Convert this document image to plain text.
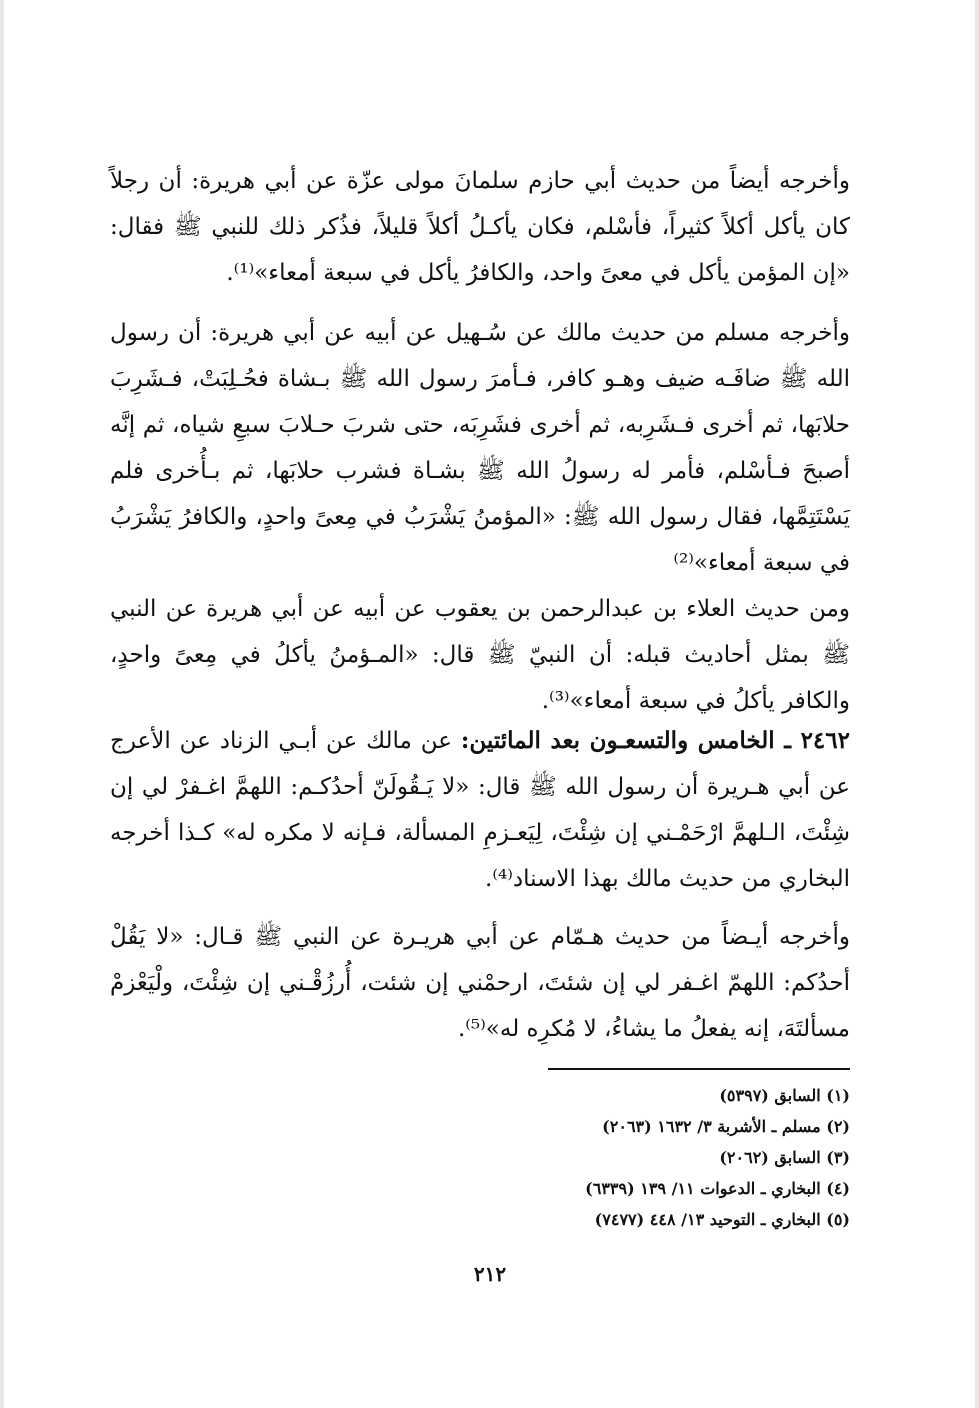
وأخرجه أيضاً من حديث أبي حازم سلمانَ مولى عزّة عن أبي هريرة: أن رجلاً كان يأكل أكلاً كثيراً، فأسْلم، فكان يأكـلُ أكلاً قليلاً، فذُكر ذلك للنبي ﷺ فقال: «إن المؤمن يأكل في معىً واحد، والكافرُ يأكل في سبعة أمعاء»⁽¹⁾.

وأخرجه مسلم من حديث مالك عن سُـهيل عن أبيه عن أبي هريرة: أن رسول الله ﷺ ضافَـه ضيف وهـو كافر، فـأمرَ رسول الله ﷺ بـشاة فحُـلِبَتْ، فـشَرِبَ حلابَها، ثم أخرى فـشَرِبه، ثم أخرى فشَرِبَه، حتى شربَ حـلابَ سبعِ شياه، ثم إنَّه أصبحَ فـأسْلم، فأمر له رسولُ الله ﷺ بشـاة فشرب حلابَها، ثم بـأُخرى فلم يَسْتَتِمَّها، فقال رسول الله ﷺ: «المؤمنُ يَشْرَبُ في مِعىً واحدٍ، والكافرُ يَشْرَبُ في سبعة أمعاء»⁽²⁾

ومن حديث العلاء بن عبدالرحمن بن يعقوب عن أبيه عن أبي هريرة عن النبي ﷺ بمثل أحاديث قبله: أن النبيّ ﷺ قال: «المـؤمنُ يأكلُ في مِعىً واحدٍ، والكافر يأكلُ في سبعة أمعاء»⁽³⁾.

٢٤٦٢ ـ الخامس والتسعـون بعد المائتين: عن مالك عن أبـي الزناد عن الأعرج عن أبي هـريرة أن رسول الله ﷺ قال: «لا يَـقُولَنّ أحدُكـم: اللهمَّ اغـفرْ لي إن شِئْتَ، الـلهمَّ ارْحَمْـني إن شِئْتَ، لِيَعـزمِ المسألة، فـإنه لا مكره له» كـذا أخرجه البخاري من حديث مالك بهذا الاسناد⁽⁴⁾.

وأخرجه أيـضاً من حديث هـمّام عن أبي هريـرة عن النبي ﷺ قـال: «لا يَقُلْ أحدُكم: اللهمّ اغـفر لي إن شئتَ، ارحمْني إن شئت، أُرزُقْـني إن شِئْتَ، ولْيَعْزمْ مسألتَهَ، إنه يفعلُ ما يشاءُ، لا مُكرِه له»⁽⁵⁾.

(١) السابق (٥٣٩٧)
(٢) مسلم ـ الأشربة ٣/ ١٦٣٢ (٢٠٦٣)
(٣) السابق (٢٠٦٢)
(٤) البخاري ـ الدعوات ١١/ ١٣٩ (٦٣٣٩)
(٥) البخاري ـ التوحيد ١٣/ ٤٤٨ (٧٤٧٧)
٢١٢
